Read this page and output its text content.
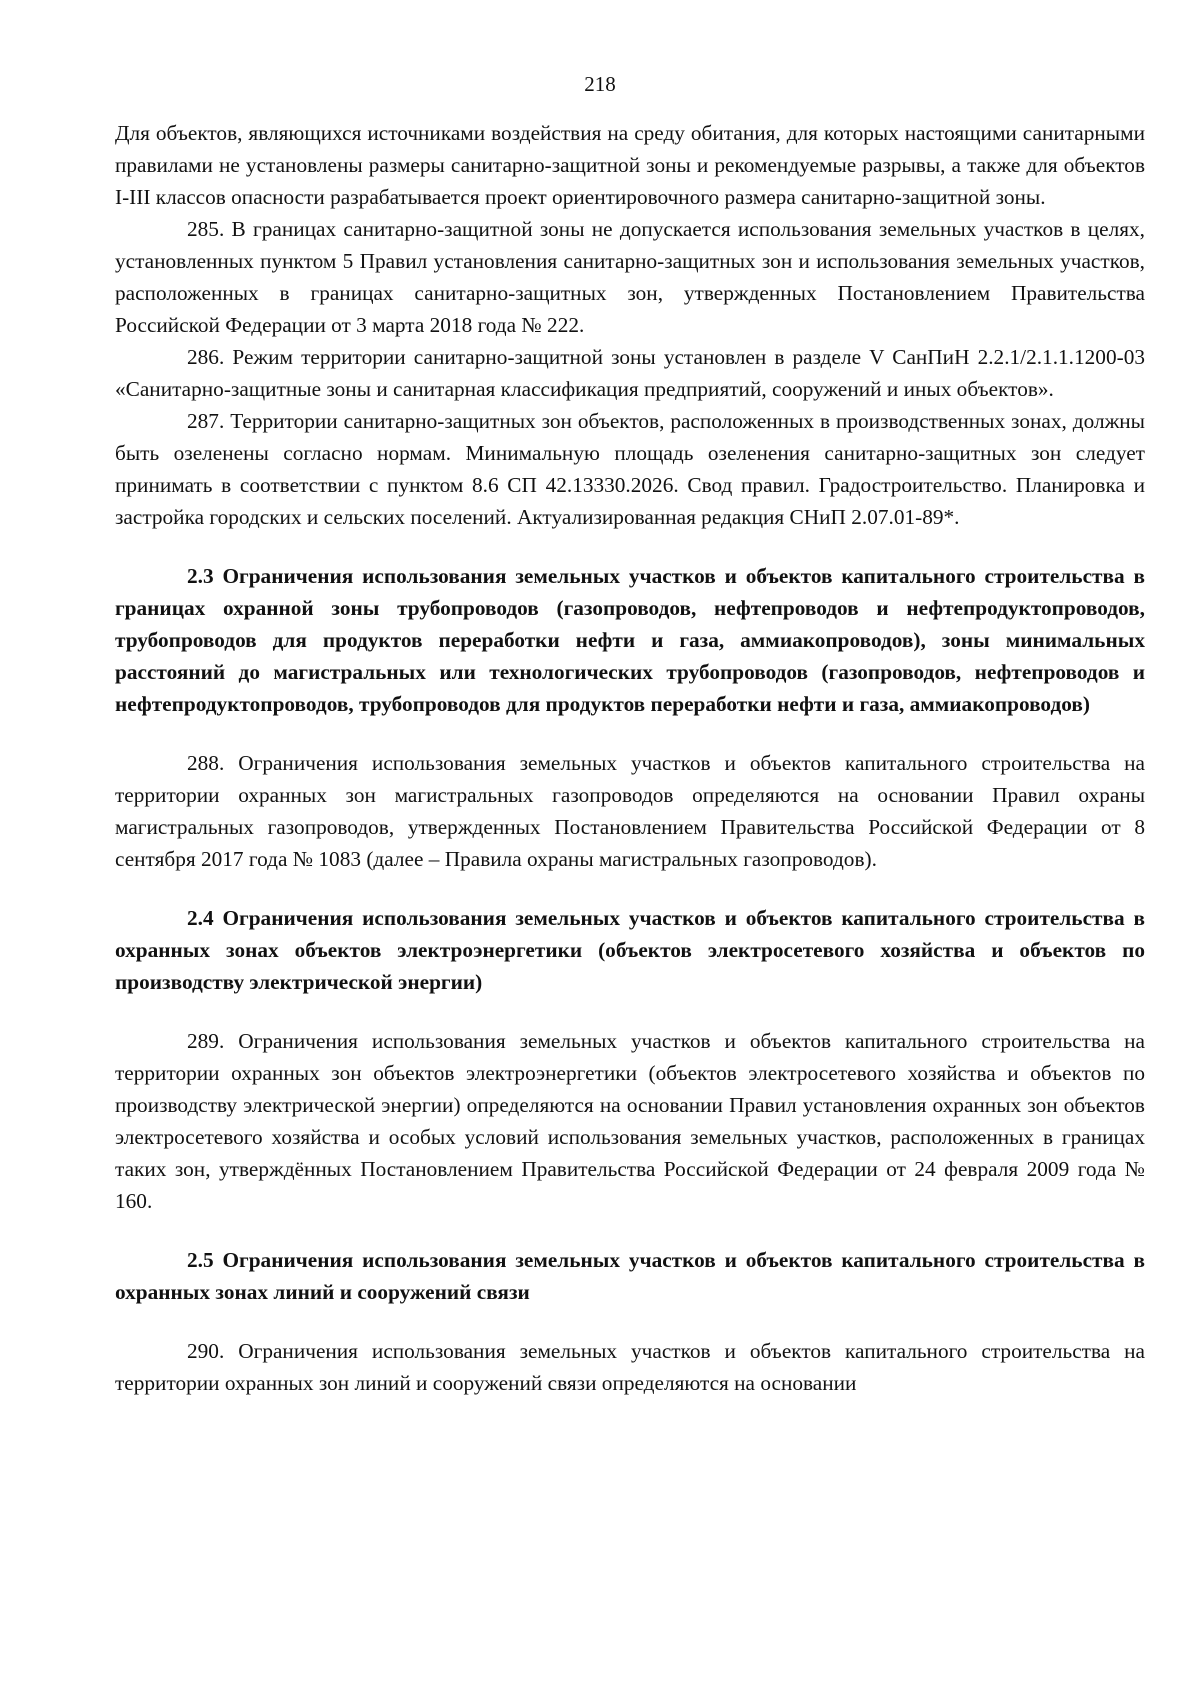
218

Для объектов, являющихся источниками воздействия на среду обитания, для которых настоящими санитарными правилами не установлены размеры санитарно-защитной зоны и рекомендуемые разрывы, а также для объектов I-III классов опасности разрабатывается проект ориентировочного размера санитарно-защитной зоны.

285. В границах санитарно-защитной зоны не допускается использования земельных участков в целях, установленных пунктом 5 Правил установления санитарно-защитных зон и использования земельных участков, расположенных в границах санитарно-защитных зон, утвержденных Постановлением Правительства Российской Федерации от 3 марта 2018 года № 222.

286. Режим территории санитарно-защитной зоны установлен в разделе V СанПиН 2.2.1/2.1.1.1200-03 «Санитарно-защитные зоны и санитарная классификация предприятий, сооружений и иных объектов».

287. Территории санитарно-защитных зон объектов, расположенных в производственных зонах, должны быть озеленены согласно нормам. Минимальную площадь озеленения санитарно-защитных зон следует принимать в соответствии с пунктом 8.6 СП 42.13330.2026. Свод правил. Градостроительство. Планировка и застройка городских и сельских поселений. Актуализированная редакция СНиП 2.07.01-89*.

2.3 Ограничения использования земельных участков и объектов капитального строительства в границах охранной зоны трубопроводов (газопроводов, нефтепроводов и нефтепродуктопроводов, трубопроводов для продуктов переработки нефти и газа, аммиакопроводов), зоны минимальных расстояний до магистральных или технологических трубопроводов (газопроводов, нефтепроводов и нефтепродуктопроводов, трубопроводов для продуктов переработки нефти и газа, аммиакопроводов)

288. Ограничения использования земельных участков и объектов капитального строительства на территории охранных зон магистральных газопроводов определяются на основании Правил охраны магистральных газопроводов, утвержденных Постановлением Правительства Российской Федерации от 8 сентября 2017 года № 1083 (далее – Правила охраны магистральных газопроводов).

2.4 Ограничения использования земельных участков и объектов капитального строительства в охранных зонах объектов электроэнергетики (объектов электросетевого хозяйства и объектов по производству электрической энергии)

289. Ограничения использования земельных участков и объектов капитального строительства на территории охранных зон объектов электроэнергетики (объектов электросетевого хозяйства и объектов по производству электрической энергии) определяются на основании Правил установления охранных зон объектов электросетевого хозяйства и особых условий использования земельных участков, расположенных в границах таких зон, утверждённых Постановлением Правительства Российской Федерации от 24 февраля 2009 года № 160.

2.5 Ограничения использования земельных участков и объектов капитального строительства в охранных зонах линий и сооружений связи

290. Ограничения использования земельных участков и объектов капитального строительства на территории охранных зон линий и сооружений связи определяются на основании
